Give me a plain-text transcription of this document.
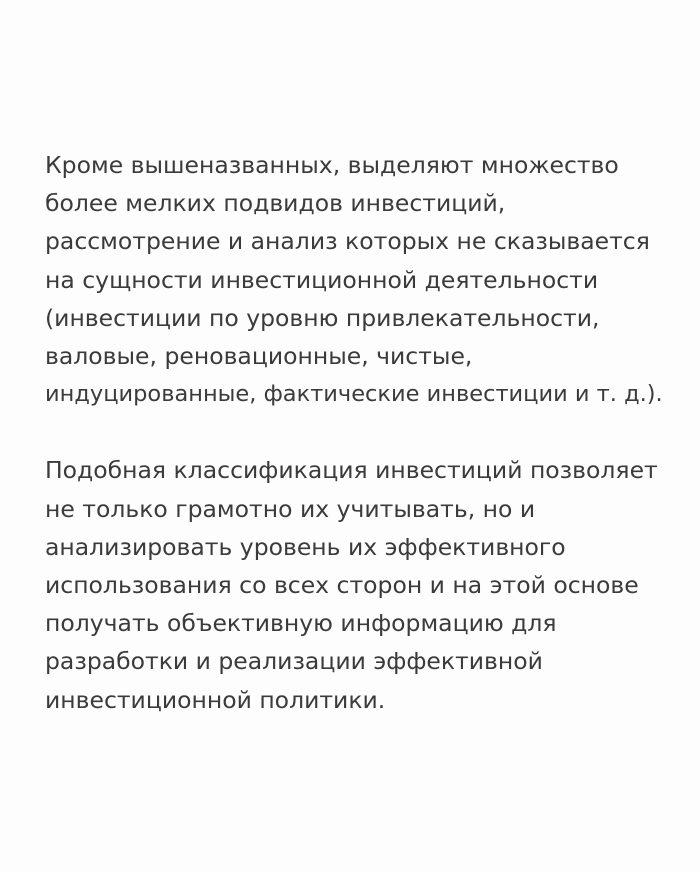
Кроме вышеназванных, выделяют множество
более мелких подвидов инвестиций,
рассмотрение и анализ которых не сказывается
на сущности инвестиционной деятельности
(инвестиции по уровню привлекательности,
валовые, реновационные, чистые,
индуцированные, фактические инвестиции и т. д.).

Подобная классификация инвестиций позволяет
не только грамотно их учитывать, но и
анализировать уровень их эффективного
использования со всех сторон и на этой основе
получать объективную информацию для
разработки и реализации эффективной
инвестиционной политики.
